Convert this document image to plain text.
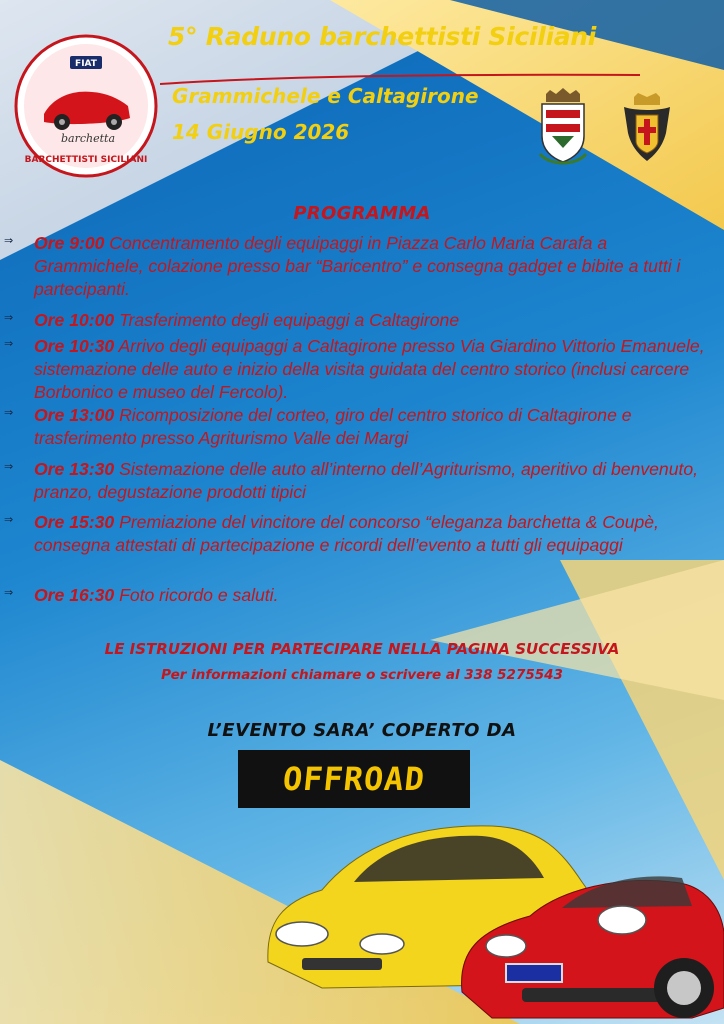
FIAT
barchetta
BARCHETTISTI SICILIANI
5° Raduno barchettisti Siciliani
Grammichele e Caltagirone
14 Giugno 2026
PROGRAMMA
⇒ Ore 9:00 Concentramento degli equipaggi in Piazza Carlo Maria Carafa a Grammichele, colazione presso bar “Baricentro” e consegna gadget e bibite a tutti i partecipanti.

⇒ Ore 10:00 Trasferimento degli equipaggi a Caltagirone

⇒ Ore 10:30 Arrivo degli equipaggi a Caltagirone presso Via Giardino Vittorio Emanuele, sistemazione delle auto e inizio della visita guidata del centro storico (inclusi carcere Borbonico e museo del Fercolo).

⇒ Ore 13:00 Ricomposizione del corteo, giro del centro storico di Caltagirone e trasferimento presso Agriturismo Valle dei Margi

⇒ Ore 13:30 Sistemazione delle auto all’interno dell’Agriturismo, aperitivo di benvenuto, pranzo, degustazione prodotti tipici

⇒ Ore 15:30 Premiazione del vincitore del concorso “eleganza barchetta & Coupè, consegna attestati di partecipazione e ricordi dell’evento a tutti gli equipaggi

⇒ Ore 16:30 Foto ricordo e saluti.

LE ISTRUZIONI PER PARTECIPARE NELLA PAGINA SUCCESSIVA

Per informazioni chiamare o scrivere al 338 5275543

L’EVENTO SARA’ COPERTO DA

OFFROAD
